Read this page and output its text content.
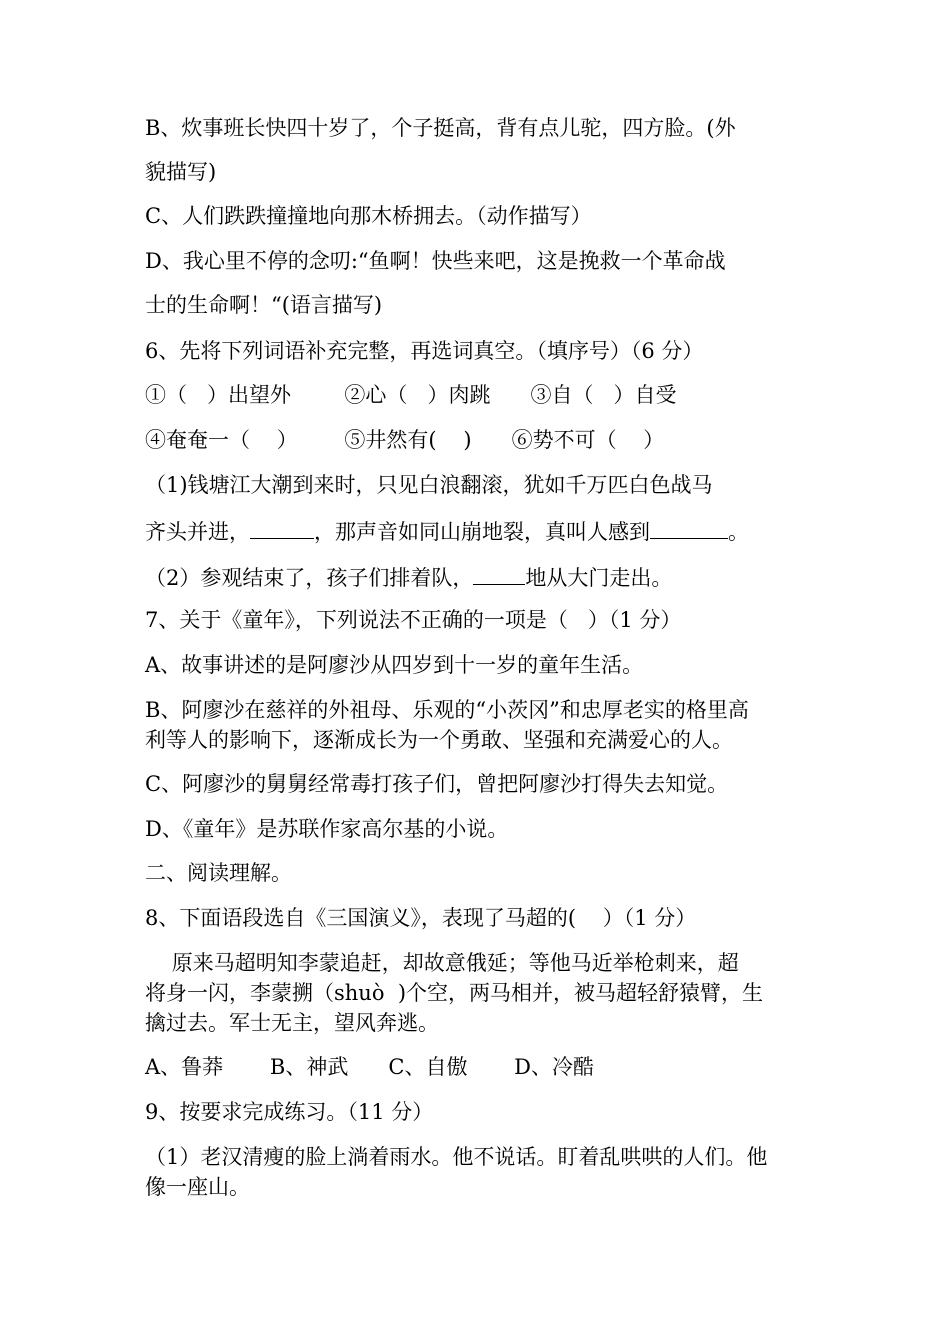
B、炊事班长快四十岁了，个子挺高，背有点儿驼，四方脸。(外
貌描写)
C、人们跌跌撞撞地向那木桥拥去。（动作描写）
D、我心里不停的念叨:“鱼啊！快些来吧，这是挽救一个革命战
士的生命啊！“(语言描写)
6、先将下列词语补充完整，再选词真空。（填序号）（6 分）
①（   ）出望外        ②心（   ）肉跳      ③自（   ）自受
④奄奄一（    ）       ⑤井然有(    )      ⑥势不可（    ）
（1)钱塘江大潮到来时，只见白浪翻滚，犹如千万匹白色战马
齐头并进，	，那声音如同山崩地裂，真叫人感到	。
（2）参观结束了，孩子们排着队， 地从大门走出。
7、关于《童年》，下列说法不正确的一项是（   ）（1 分）
A、故事讲述的是阿廖沙从四岁到十一岁的童年生活。
B、阿廖沙在慈祥的外祖母、乐观的“小茨冈”和忠厚老实的格里高
利等人的影响下，逐渐成长为一个勇敢、坚强和充满爱心的人。
C、阿廖沙的舅舅经常毒打孩子们，曾把阿廖沙打得失去知觉。
D、《童年》是苏联作家高尔基的小说。
二、阅读理解。
8、下面语段选自《三国演义》，表现了马超的(    ）（1 分）
原来马超明知李蒙追赶，却故意俄延；等他马近举枪刺来，超
将身一闪，李蒙搠（shuò  )个空，两马相并，被马超轻舒猿臂，生
擒过去。军士无主，望风奔逃。
A、鲁莽       B、神武      C、自傲       D、冷酷
9、按要求完成练习。（11 分）
（1）老汉清瘦的脸上淌着雨水。他不说话。盯着乱哄哄的人们。他
像一座山。
